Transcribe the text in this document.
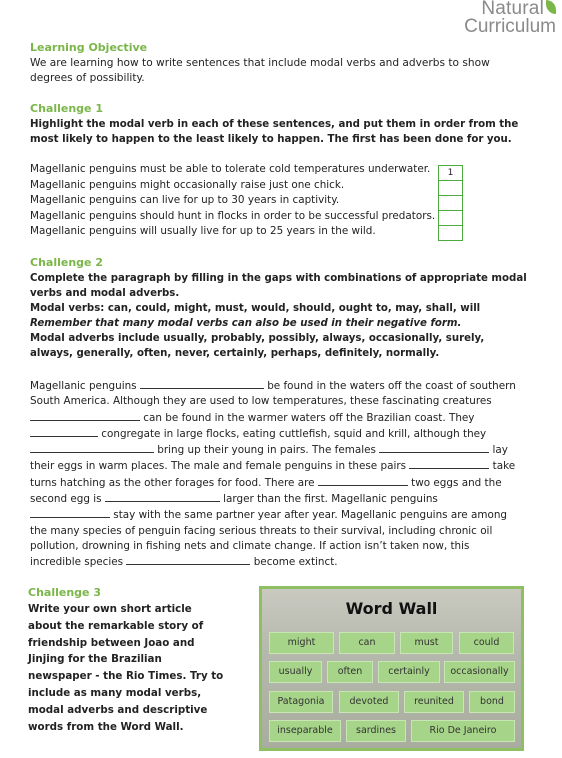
Natural
Curriculum
Learning Objective
We are learning how to write sentences that include modal verbs and adverbs to show degrees of possibility.
Challenge 1
Highlight the modal verb in each of these sentences, and put them in order from the most likely to happen to the least likely to happen. The first has been done for you.
Magellanic penguins must be able to tolerate cold temperatures underwater.
Magellanic penguins might occasionally raise just one chick.
Magellanic penguins can live for up to 30 years in captivity.
Magellanic penguins should hunt in flocks in order to be successful predators.
Magellanic penguins will usually live for up to 25 years in the wild.
1
Challenge 2
Complete the paragraph by filling in the gaps with combinations of appropriate modal verbs and modal adverbs.
Modal verbs: can, could, might, must, would, should, ought to, may, shall, will
Remember that many modal verbs can also be used in their negative form.
Modal adverbs include usually, probably, possibly, always, occasionally, surely, always, generally, often, never, certainly, perhaps, definitely, normally.
Magellanic penguins	be found in the waters off the coast of southern South America. Although they are used to low temperatures, these fascinating creatures  can be found in the warmer waters off the Brazilian coast. They  congregate in large flocks, eating cuttlefish, squid and krill, although they  bring up their young in pairs. The females	lay their eggs in warm places. The male and female penguins in these pairs	take turns hatching as the other forages for food. There are	two eggs and the second egg is	larger than the first. Magellanic penguins  stay with the same partner year after year. Magellanic penguins are among the many species of penguin facing serious threats to their survival, including chronic oil pollution, drowning in fishing nets and climate change. If action isn’t taken now, this incredible species	become extinct.
Challenge 3
Write your own short article about the remarkable story of friendship between Joao and Jinjing for the Brazilian newspaper - the Rio Times. Try to include as many modal verbs, modal adverbs and descriptive words from the Word Wall.
Word Wall
might	can	must	could
usually	often	certainly	occasionally
Patagonia	devoted	reunited	bond
inseparable	sardines	Rio De Janeiro
